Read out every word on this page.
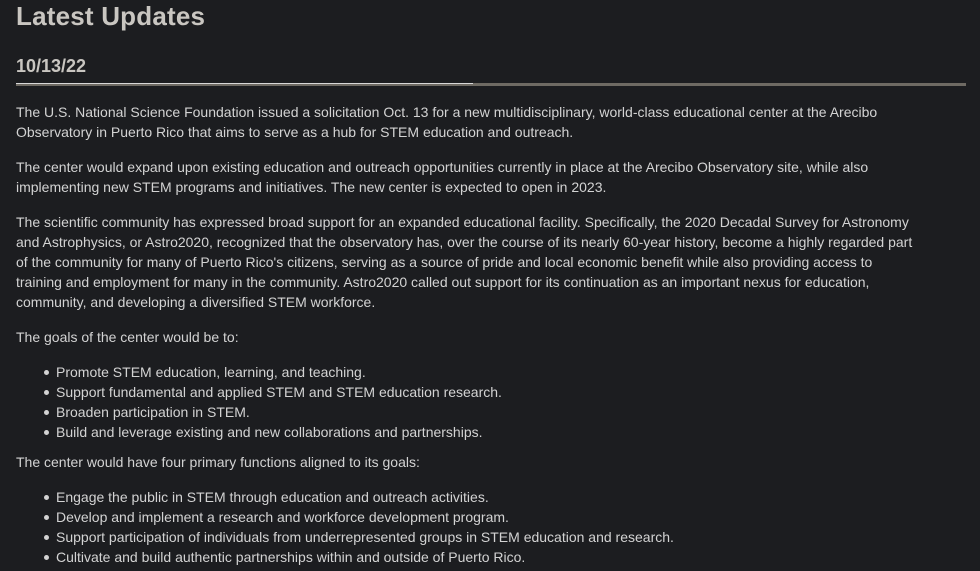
Latest Updates
10/13/22

The U.S. National Science Foundation issued a solicitation Oct. 13 for a new multidisciplinary, world-class educational center at the Arecibo Observatory in Puerto Rico that aims to serve as a hub for STEM education and outreach.

The center would expand upon existing education and outreach opportunities currently in place at the Arecibo Observatory site, while also implementing new STEM programs and initiatives. The new center is expected to open in 2023.

The scientific community has expressed broad support for an expanded educational facility. Specifically, the 2020 Decadal Survey for Astronomy and Astrophysics, or Astro2020, recognized that the observatory has, over the course of its nearly 60-year history, become a highly regarded part of the community for many of Puerto Rico's citizens, serving as a source of pride and local economic benefit while also providing access to training and employment for many in the community. Astro2020 called out support for its continuation as an important nexus for education, community, and developing a diversified STEM workforce.

The goals of the center would be to:

Promote STEM education, learning, and teaching.
Support fundamental and applied STEM and STEM education research.
Broaden participation in STEM.
Build and leverage existing and new collaborations and partnerships.

The center would have four primary functions aligned to its goals:

Engage the public in STEM through education and outreach activities.
Develop and implement a research and workforce development program.
Support participation of individuals from underrepresented groups in STEM education and research.
Cultivate and build authentic partnerships within and outside of Puerto Rico.
